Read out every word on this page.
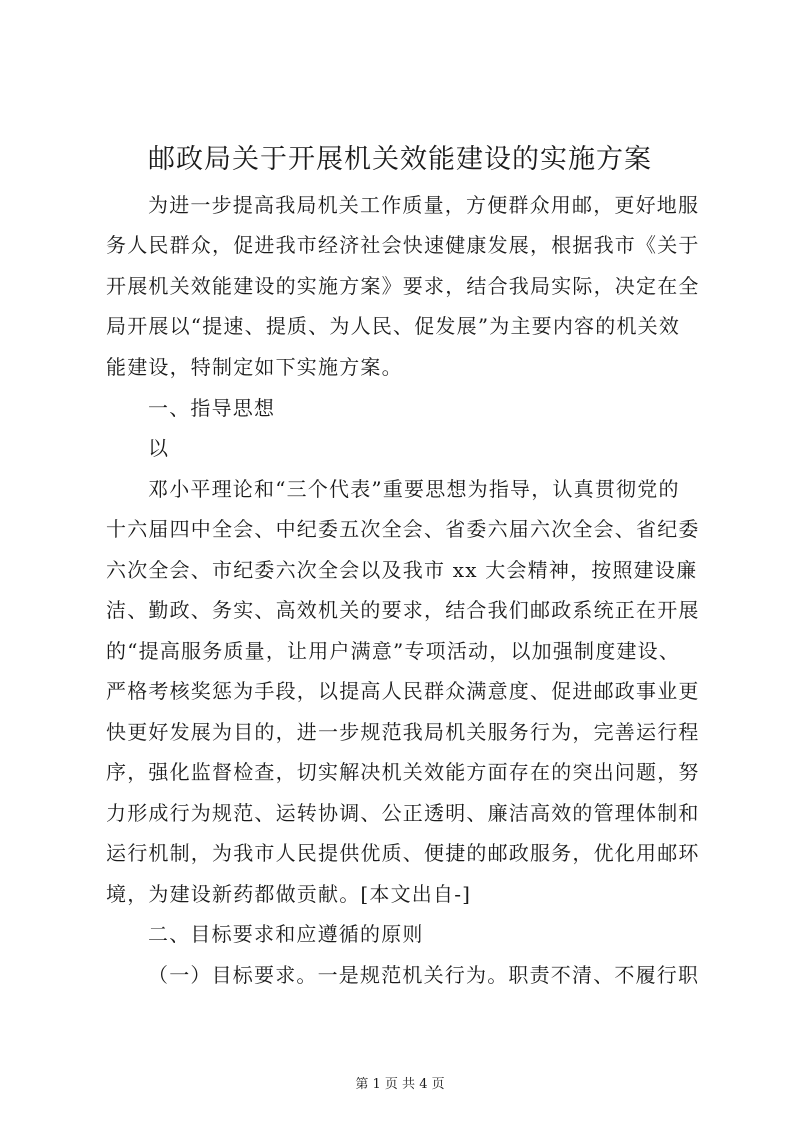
邮政局关于开展机关效能建设的实施方案

为进一步提高我局机关工作质量，方便群众用邮，更好地服

务人民群众，促进我市经济社会快速健康发展，根据我市《关于

开展机关效能建设的实施方案》要求，结合我局实际，决定在全

局开展以“提速、提质、为人民、促发展”为主要内容的机关效

能建设，特制定如下实施方案。

一、指导思想

以

邓小平理论和“三个代表”重要思想为指导，认真贯彻党的

十六届四中全会、中纪委五次全会、省委六届六次全会、省纪委

六次全会、市纪委六次全会以及我市 xx 大会精神，按照建设廉

洁、勤政、务实、高效机关的要求，结合我们邮政系统正在开展

的“提高服务质量，让用户满意”专项活动，以加强制度建设、

严格考核奖惩为手段，以提高人民群众满意度、促进邮政事业更

快更好发展为目的，进一步规范我局机关服务行为，完善运行程

序，强化监督检查，切实解决机关效能方面存在的突出问题，努

力形成行为规范、运转协调、公正透明、廉洁高效的管理体制和

运行机制，为我市人民提供优质、便捷的邮政服务，优化用邮环

境，为建设新药都做贡献。[本文出自-]

二、目标要求和应遵循的原则

（一）目标要求。一是规范机关行为。职责不清、不履行职

第 1 页 共 4 页
